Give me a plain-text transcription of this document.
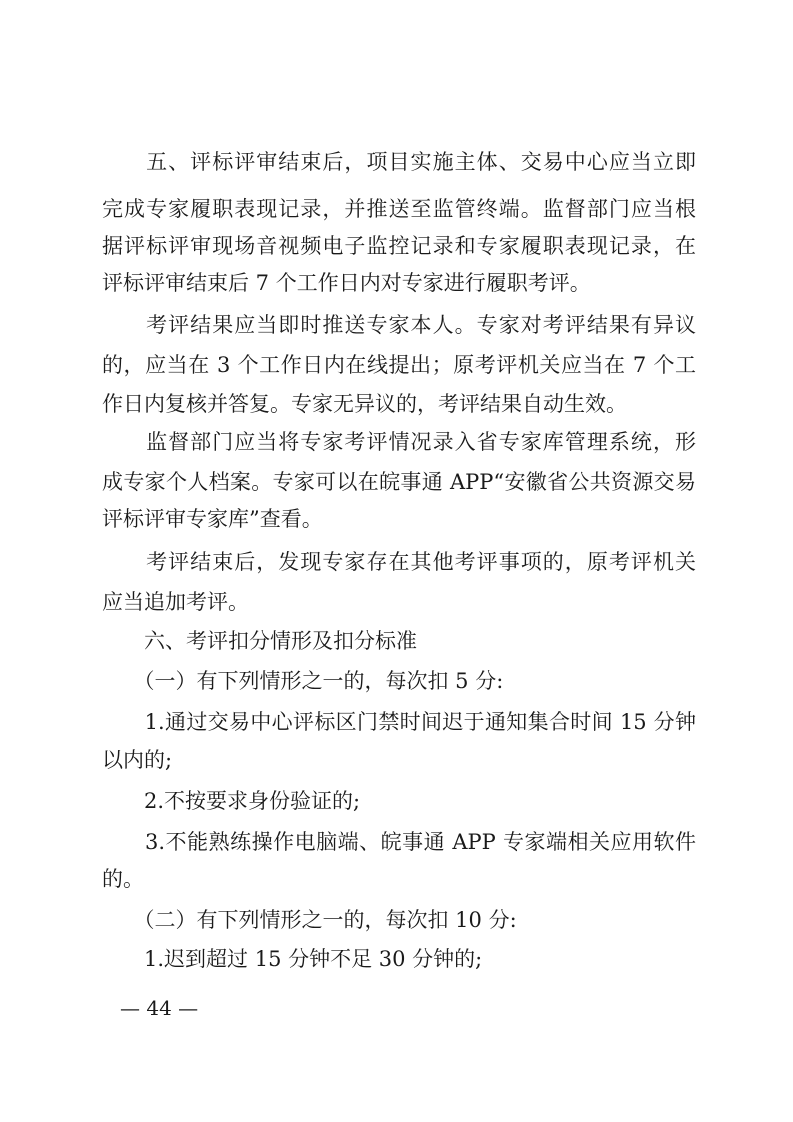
　　五、评标评审结束后，项目实施主体、交易中心应当立即
完成专家履职表现记录，并推送至监管终端。监督部门应当根
据评标评审现场音视频电子监控记录和专家履职表现记录，在
评标评审结束后 7 个工作日内对专家进行履职考评。
　　考评结果应当即时推送专家本人。专家对考评结果有异议
的，应当在 3 个工作日内在线提出；原考评机关应当在 7 个工
作日内复核并答复。专家无异议的，考评结果自动生效。
　　监督部门应当将专家考评情况录入省专家库管理系统，形
成专家个人档案。专家可以在皖事通 APP“安徽省公共资源交易
评标评审专家库”查看。
　　考评结束后，发现专家存在其他考评事项的，原考评机关
应当追加考评。
　　六、考评扣分情形及扣分标准
　　（一）有下列情形之一的，每次扣 5 分:
　　1.通过交易中心评标区门禁时间迟于通知集合时间 15 分钟
以内的;
　　2.不按要求身份验证的;
　　3.不能熟练操作电脑端、皖事通 APP 专家端相关应用软件
的。
　　（二）有下列情形之一的，每次扣 10 分:
　　1.迟到超过 15 分钟不足 30 分钟的;
— 44 —
